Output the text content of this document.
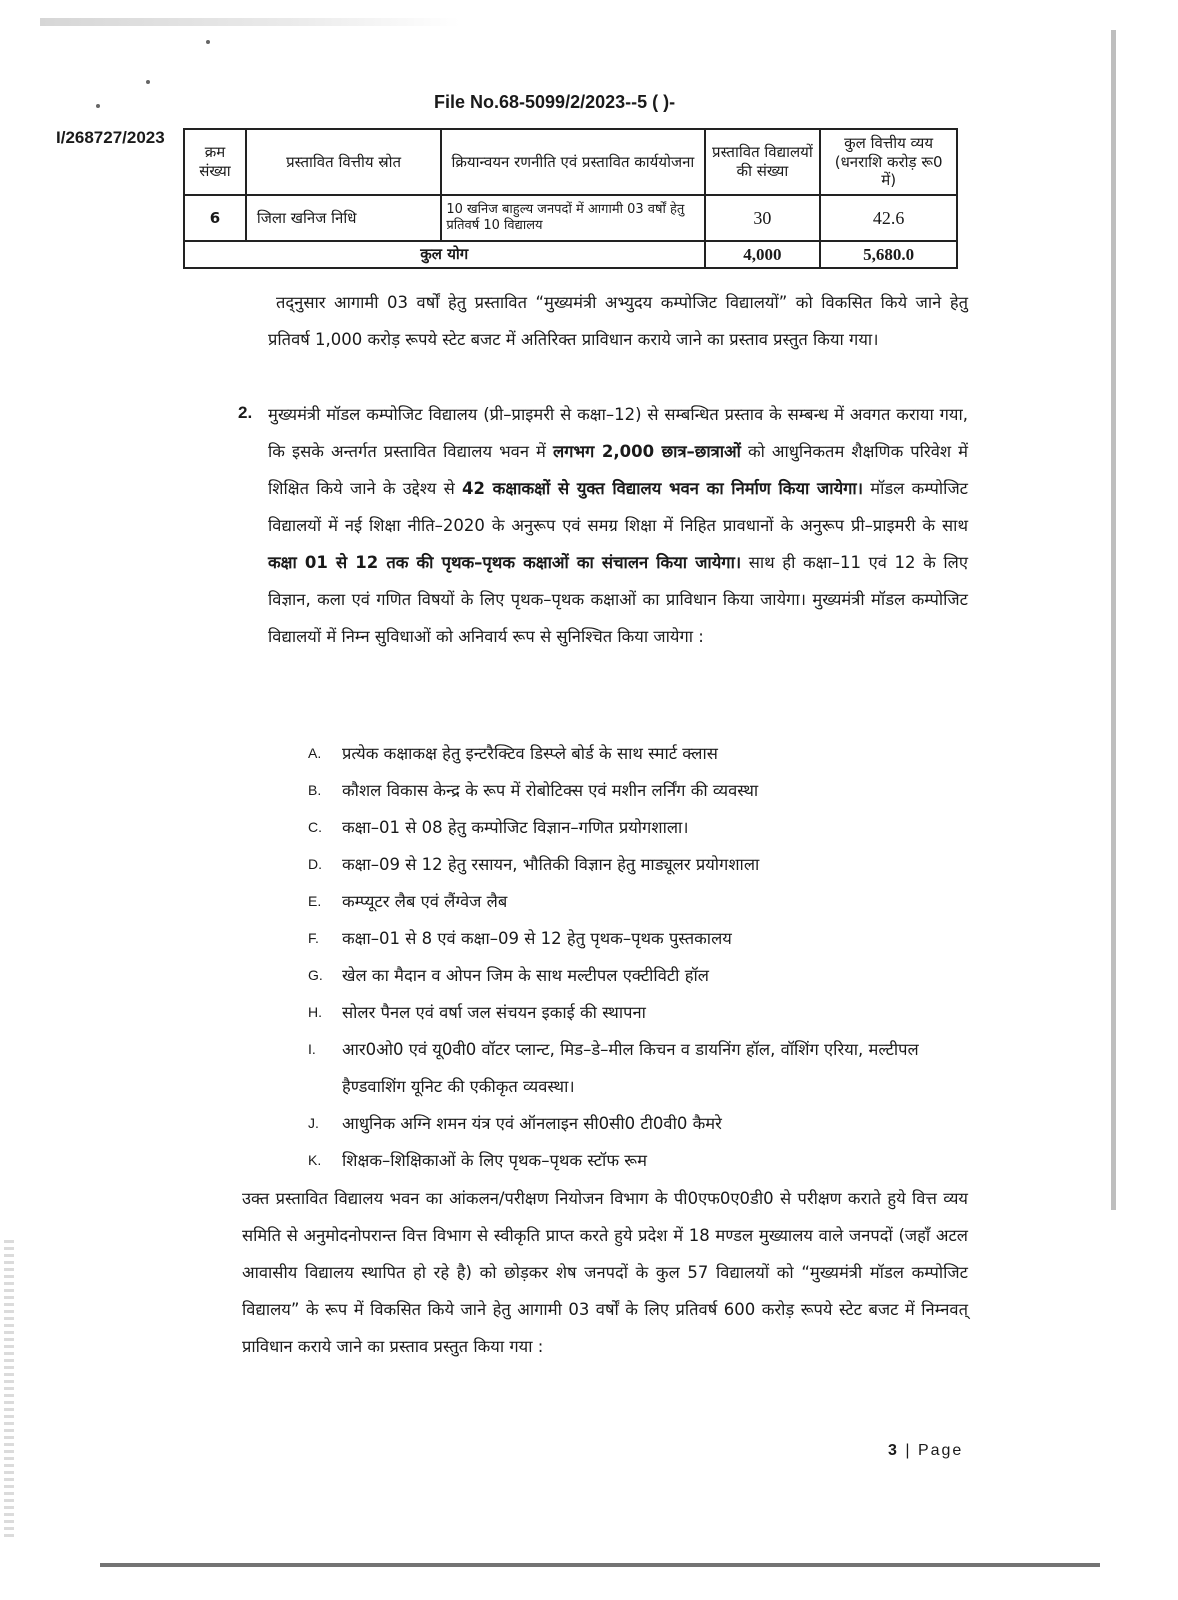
File No.68-5099/2/2023--5 ( )-
I/268727/2023
क्रम संख्या	प्रस्तावित वित्तीय स्रोत	क्रियान्वयन रणनीति एवं प्रस्तावित कार्ययोजना	प्रस्तावित विद्यालयों की संख्या	कुल वित्तीय व्यय (धनराशि करोड़ रू0 में)
6	जिला खनिज निधि	10 खनिज बाहुल्य जनपदों में आगामी 03 वर्षों हेतु प्रतिवर्ष 10 विद्यालय	30	42.6
कुल योग			4,000	5,680.0

तद्नुसार आगामी 03 वर्षों हेतु प्रस्तावित “मुख्यमंत्री अभ्युदय कम्पोजिट विद्यालयों” को विकसित किये जाने हेतु प्रतिवर्ष 1,000 करोड़ रूपये स्टेट बजट में अतिरिक्त प्राविधान कराये जाने का प्रस्ताव प्रस्तुत किया गया।

2. मुख्यमंत्री मॉडल कम्पोजिट विद्यालय (प्री–प्राइमरी से कक्षा–12) से सम्बन्धित प्रस्ताव के सम्बन्ध में अवगत कराया गया, कि इसके अन्तर्गत प्रस्तावित विद्यालय भवन में लगभग 2,000 छात्र–छात्राओं को आधुनिकतम शैक्षणिक परिवेश में शिक्षित किये जाने के उद्देश्य से 42 कक्षाकक्षों से युक्त विद्यालय भवन का निर्माण किया जायेगा। मॉडल कम्पोजिट विद्यालयों में नई शिक्षा नीति–2020 के अनुरूप एवं समग्र शिक्षा में निहित प्रावधानों के अनुरूप प्री–प्राइमरी के साथ कक्षा 01 से 12 तक की पृथक–पृथक कक्षाओं का संचालन किया जायेगा। साथ ही कक्षा–11 एवं 12 के लिए विज्ञान, कला एवं गणित विषयों के लिए पृथक–पृथक कक्षाओं का प्राविधान किया जायेगा। मुख्यमंत्री मॉडल कम्पोजिट विद्यालयों में निम्न सुविधाओं को अनिवार्य रूप से सुनिश्चित किया जायेगा :
A. प्रत्येक कक्षाकक्ष हेतु इन्टरैक्टिव डिस्प्ले बोर्ड के साथ स्मार्ट क्लास
B. कौशल विकास केन्द्र के रूप में रोबोटिक्स एवं मशीन लर्निंग की व्यवस्था
C. कक्षा–01 से 08 हेतु कम्पोजिट विज्ञान–गणित प्रयोगशाला।
D. कक्षा–09 से 12 हेतु रसायन, भौतिकी विज्ञान हेतु माड्यूलर प्रयोगशाला
E. कम्प्यूटर लैब एवं लैंग्वेज लैब
F. कक्षा–01 से 8 एवं कक्षा–09 से 12 हेतु पृथक–पृथक पुस्तकालय
G. खेल का मैदान व ओपन जिम के साथ मल्टीपल एक्टीविटी हॉल
H. सोलर पैनल एवं वर्षा जल संचयन इकाई की स्थापना
I. आर0ओ0 एवं यू0वी0 वॉटर प्लान्ट, मिड–डे–मील किचन व डायनिंग हॉल, वॉशिंग एरिया, मल्टीपल हैण्डवाशिंग यूनिट की एकीकृत व्यवस्था।
J. आधुनिक अग्नि शमन यंत्र एवं ऑनलाइन सी0सी0 टी0वी0 कैमरे
K. शिक्षक–शिक्षिकाओं के लिए पृथक–पृथक स्टॉफ रूम
उक्त प्रस्तावित विद्यालय भवन का आंकलन/परीक्षण नियोजन विभाग के पी0एफ0ए0डी0 से परीक्षण कराते हुये वित्त व्यय समिति से अनुमोदनोपरान्त वित्त विभाग से स्वीकृति प्राप्त करते हुये प्रदेश में 18 मण्डल मुख्यालय वाले जनपदों (जहाँ अटल आवासीय विद्यालय स्थापित हो रहे है) को छोड़कर शेष जनपदों के कुल 57 विद्यालयों को “मुख्यमंत्री मॉडल कम्पोजिट विद्यालय” के रूप में विकसित किये जाने हेतु आगामी 03 वर्षों के लिए प्रतिवर्ष 600 करोड़ रूपये स्टेट बजट में निम्नवत् प्राविधान कराये जाने का प्रस्ताव प्रस्तुत किया गया :
3 | Page
